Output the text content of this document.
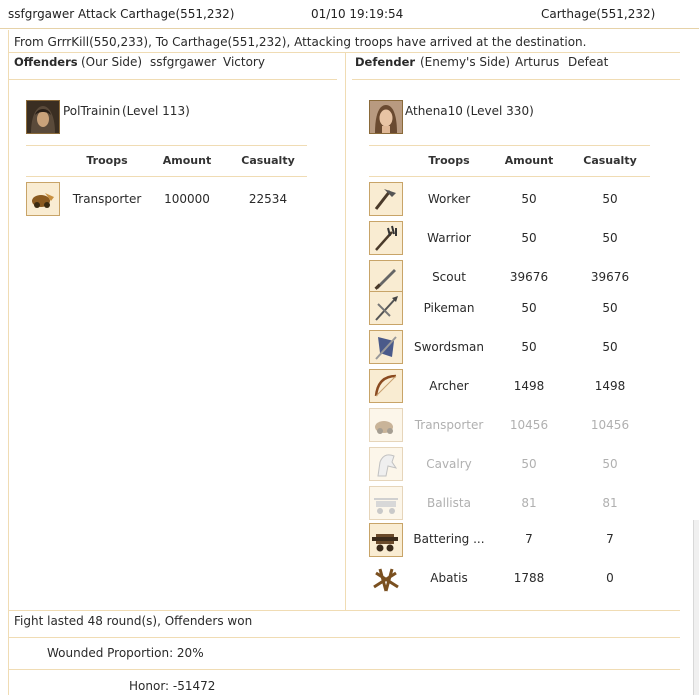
ssfgrgawer Attack Carthage(551,232)	01/10 19:19:54	Carthage(551,232)
From GrrrKill(550,233), To Carthage(551,232), Attacking troops have arrived at the destination.
Offenders (Our Side) ssfgrgawer Victory	Defender (Enemy's Side) Arturus Defeat
PolTrainin (Level 113)	Athena10 (Level 330)
Troops	Amount	Casualty
Transporter	100000	22534
Troops	Amount	Casualty
Worker	50	50
Warrior	50	50
Scout	39676	39676
Pikeman	50	50
Swordsman	50	50
Archer	1498	1498
Transporter	10456	10456
Cavalry	50	50
Ballista	81	81
Battering ...	7	7
Abatis	1788	0
Fight lasted 48 round(s), Offenders won
Wounded Proportion: 20%
Honor: -51472
